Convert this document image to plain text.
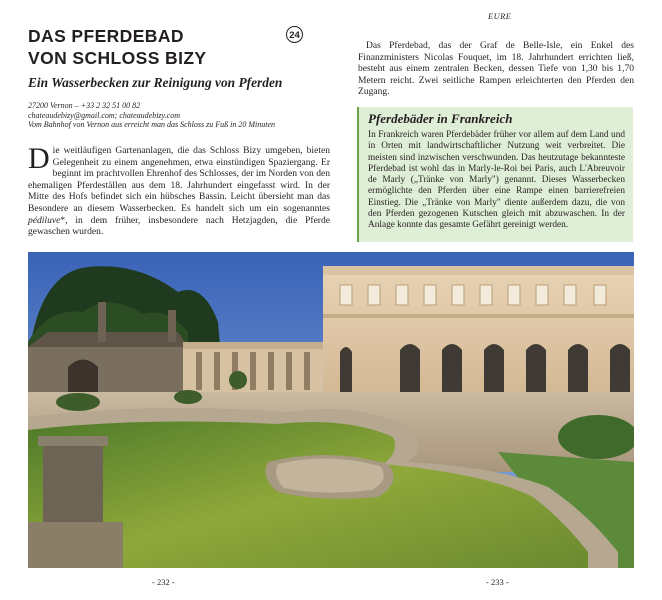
DAS PFERDEBAD
VON SCHLOSS BIZY
24
Ein Wasserbecken zur Reinigung von Pferden
27200 Vernon – +33 2 32 51 00 82
chateaudebizy@gmail.com; chateaudebizy.com
Vom Bahnhof von Vernon aus erreicht man das Schloss zu Fuß in 20 Minuten
Die weitläufigen Gartenanlagen, die das Schloss Bizy umgeben, bieten Gelegenheit zu einem angenehmen, etwa einstündigen Spaziergang. Er beginnt im prachtvollen Ehrenhof des Schlosses, der im Norden von den ehemaligen Pferdeställen aus dem 18. Jahrhundert eingefasst wird. In der Mitte des Hofs befindet sich ein hübsches Bassin. Leicht übersieht man das Besondere an diesem Wasserbecken. Es handelt sich um ein sogenanntes pédiluve*, in dem früher, insbesondere nach Hetzjagden, die Pferde gewaschen wurden.
EURE
Das Pferdebad, das der Graf de Belle-Isle, ein Enkel des Finanzministers Nicolas Fouquet, im 18. Jahrhundert errichten ließ, besteht aus einem zentralen Becken, dessen Tiefe von 1,30 bis 1,70 Metern reicht. Zwei seitliche Rampen erleichterten den Pferden den Zugang.
Pferdebäder in Frankreich
In Frankreich waren Pferdebäder früher vor allem auf dem Land und in Orten mit landwirtschaftlicher Nutzung weit verbreitet. Die meisten sind inzwischen verschwunden. Das heutzutage bekannteste Pferdebad ist wohl das in Marly-le-Roi bei Paris, auch L'Abreuvoir de Marly („Tränke von Marly") genannt. Dieses Wasserbecken ermöglichte den Pferden über eine Rampe einen barrierefreien Einstieg. Die „Tränke von Marly" diente außerdem dazu, die von den Pferden gezogenen Kutschen gleich mit abzuwaschen. In der Anlage konnte das gesamte Gefährt gereinigt werden.
- 232 -	- 233 -
